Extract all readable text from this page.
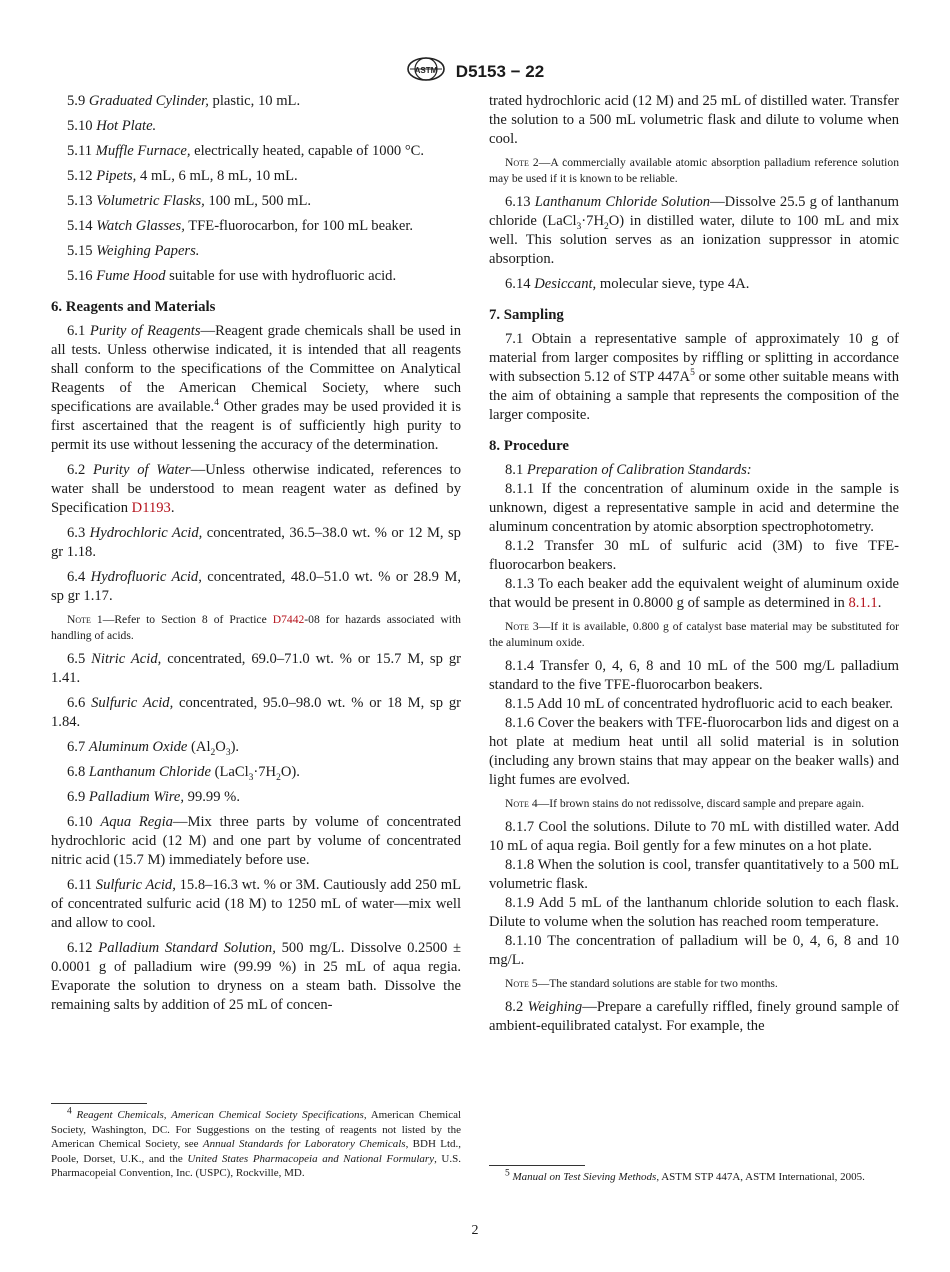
ASTM D5153 − 22

5.9 Graduated Cylinder, plastic, 10 mL.

5.10 Hot Plate.

5.11 Muffle Furnace, electrically heated, capable of 1000 °C.

5.12 Pipets, 4 mL, 6 mL, 8 mL, 10 mL.

5.13 Volumetric Flasks, 100 mL, 500 mL.

5.14 Watch Glasses, TFE-fluorocarbon, for 100 mL beaker.

5.15 Weighing Papers.

5.16 Fume Hood suitable for use with hydrofluoric acid.

6. Reagents and Materials

6.1 Purity of Reagents—Reagent grade chemicals shall be used in all tests. Unless otherwise indicated, it is intended that all reagents shall conform to the specifications of the Committee on Analytical Reagents of the American Chemical Society, where such specifications are available.$^4$ Other grades may be used provided it is first ascertained that the reagent is of sufficiently high purity to permit its use without lessening the accuracy of the determination.

6.2 Purity of Water—Unless otherwise indicated, references to water shall be understood to mean reagent water as defined by Specification D1193.

6.3 Hydrochloric Acid, concentrated, 36.5–38.0 wt. % or 12 M, sp gr 1.18.

6.4 Hydrofluoric Acid, concentrated, 48.0–51.0 wt. % or 28.9 M, sp gr 1.17.

Note 1—Refer to Section 8 of Practice D7442-08 for hazards associated with handling of acids.

6.5 Nitric Acid, concentrated, 69.0–71.0 wt. % or 15.7 M, sp gr 1.41.

6.6 Sulfuric Acid, concentrated, 95.0–98.0 wt. % or 18 M, sp gr 1.84.

6.7 Aluminum Oxide $(Al_2O_3)$.

6.8 Lanthanum Chloride $(LaCl_3\cdot 7H_2O)$.

6.9 Palladium Wire, 99.99 %.

6.10 Aqua Regia—Mix three parts by volume of concentrated hydrochloric acid (12 M) and one part by volume of concentrated nitric acid (15.7 M) immediately before use.

6.11 Sulfuric Acid, 15.8–16.3 wt. % or 3M. Cautiously add 250 mL of concentrated sulfuric acid (18 M) to 1250 mL of water—mix well and allow to cool.

6.12 Palladium Standard Solution, 500 mg/L. Dissolve 0.2500 ± 0.0001 g of palladium wire (99.99 %) in 25 mL of aqua regia. Evaporate the solution to dryness on a steam bath. Dissolve the remaining salts by addition of 25 mL of concen-

trated hydrochloric acid (12 M) and 25 mL of distilled water. Transfer the solution to a 500 mL volumetric flask and dilute to volume when cool.

Note 2—A commercially available atomic absorption palladium reference solution may be used if it is known to be reliable.

6.13 Lanthanum Chloride Solution—Dissolve 25.5 g of lanthanum chloride $(LaCl_3\cdot 7H_2O)$ in distilled water, dilute to 100 mL and mix well. This solution serves as an ionization suppressor in atomic absorption.

6.14 Desiccant, molecular sieve, type 4A.

7. Sampling

7.1 Obtain a representative sample of approximately 10 g of material from larger composites by riffling or splitting in accordance with subsection 5.12 of STP $447A^5$ or some other suitable means with the aim of obtaining a sample that represents the composition of the larger composite.

8. Procedure

8.1 Preparation of Calibration Standards:

8.1.1 If the concentration of aluminum oxide in the sample is unknown, digest a representative sample in acid and determine the aluminum concentration by atomic absorption spectrophotometry.

8.1.2 Transfer 30 mL of sulfuric acid (3M) to five TFE-fluorocarbon beakers.

8.1.3 To each beaker add the equivalent weight of aluminum oxide that would be present in 0.8000 g of sample as determined in 8.1.1.

Note 3—If it is available, 0.800 g of catalyst base material may be substituted for the aluminum oxide.

8.1.4 Transfer 0, 4, 6, 8 and 10 mL of the 500 mg/L palladium standard to the five TFE-fluorocarbon beakers.

8.1.5 Add 10 mL of concentrated hydrofluoric acid to each beaker.

8.1.6 Cover the beakers with TFE-fluorocarbon lids and digest on a hot plate at medium heat until all solid material is in solution (including any brown stains that may appear on the beaker walls) and light fumes are evolved.

Note 4—If brown stains do not redissolve, discard sample and prepare again.

8.1.7 Cool the solutions. Dilute to 70 mL with distilled water. Add 10 mL of aqua regia. Boil gently for a few minutes on a hot plate.

8.1.8 When the solution is cool, transfer quantitatively to a 500 mL volumetric flask.

8.1.9 Add 5 mL of the lanthanum chloride solution to each flask. Dilute to volume when the solution has reached room temperature.

8.1.10 The concentration of palladium will be 0, 4, 6, 8 and 10 mg/L.

Note 5—The standard solutions are stable for two months.

8.2 Weighing—Prepare a carefully riffled, finely ground sample of ambient-equilibrated catalyst. For example, the

$^4$ Reagent Chemicals, American Chemical Society Specifications, American Chemical Society, Washington, DC. For Suggestions on the testing of reagents not listed by the American Chemical Society, see Annual Standards for Laboratory Chemicals, BDH Ltd., Poole, Dorset, U.K., and the United States Pharmacopeia and National Formulary, U.S. Pharmacopeial Convention, Inc. (USPC), Rockville, MD.	$^5$ Manual on Test Sieving Methods, ASTM STP 447A, ASTM International, 2005.

2
